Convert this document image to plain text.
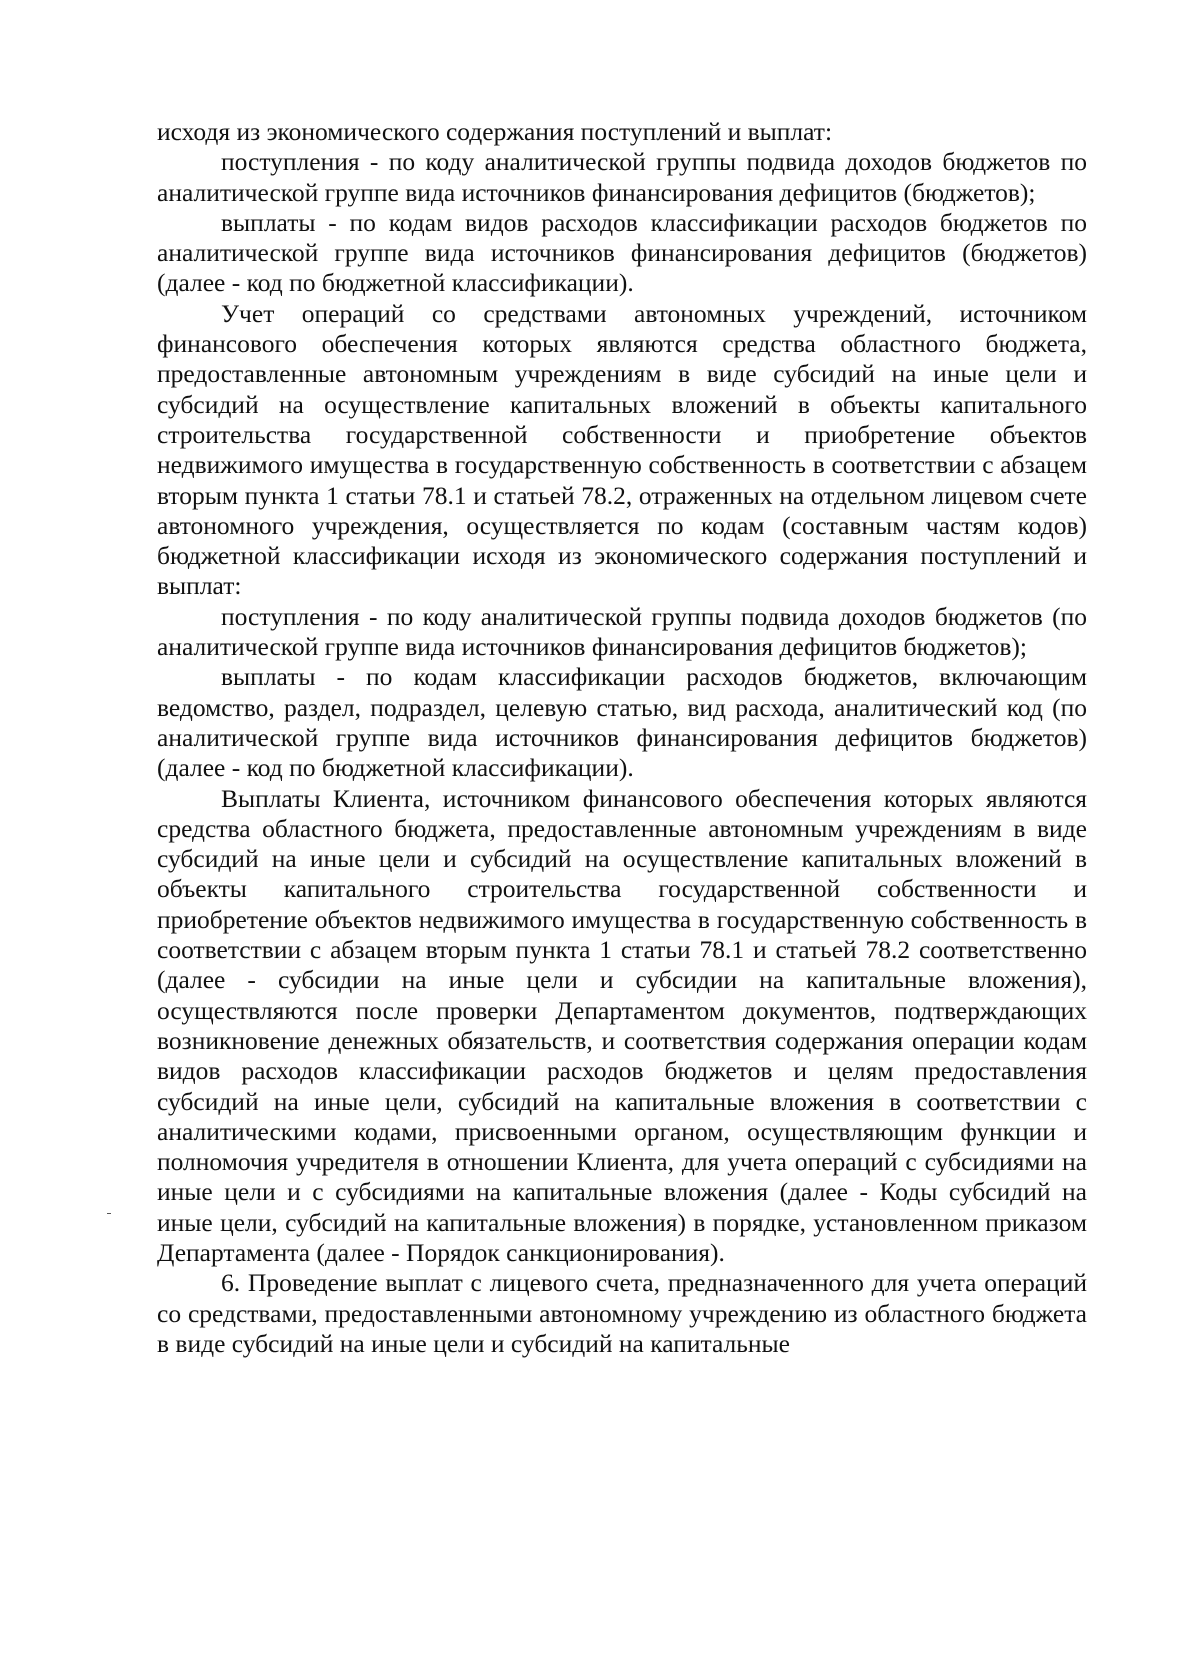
исходя из экономического содержания поступлений и выплат:

поступления - по коду аналитической группы подвида доходов бюджетов по аналитической группе вида источников финансирования дефицитов (бюджетов);

выплаты - по кодам видов расходов классификации расходов бюджетов по аналитической группе вида источников финансирования дефицитов (бюджетов) (далее - код по бюджетной классификации).

Учет операций со средствами автономных учреждений, источником финансового обеспечения которых являются средства областного бюджета, предоставленные автономным учреждениям в виде субсидий на иные цели и субсидий на осуществление капитальных вложений в объекты капитального строительства государственной собственности и приобретение объектов недвижимого имущества в государственную собственность в соответствии с абзацем вторым пункта 1 статьи 78.1 и статьей 78.2, отраженных на отдельном лицевом счете автономного учреждения, осуществляется по кодам (составным частям кодов) бюджетной классификации исходя из экономического содержания поступлений и выплат:

поступления - по коду аналитической группы подвида доходов бюджетов (по аналитической группе вида источников финансирования дефицитов бюджетов);

выплаты - по кодам классификации расходов бюджетов, включающим ведомство, раздел, подраздел, целевую статью, вид расхода, аналитический код (по аналитической группе вида источников финансирования дефицитов бюджетов) (далее - код по бюджетной классификации).

Выплаты Клиента, источником финансового обеспечения которых являются средства областного бюджета, предоставленные автономным учреждениям в виде субсидий на иные цели и субсидий на осуществление капитальных вложений в объекты капитального строительства государственной собственности и приобретение объектов недвижимого имущества в государственную собственность в соответствии с абзацем вторым пункта 1 статьи 78.1 и статьей 78.2 соответственно (далее - субсидии на иные цели и субсидии на капитальные вложения), осуществляются после проверки Департаментом документов, подтверждающих возникновение денежных обязательств, и соответствия содержания операции кодам видов расходов классификации расходов бюджетов и целям предоставления субсидий на иные цели, субсидий на капитальные вложения в соответствии с аналитическими кодами, присвоенными органом, осуществляющим функции и полномочия учредителя в отношении Клиента, для учета операций с субсидиями на иные цели и с субсидиями на капитальные вложения (далее - Коды субсидий на иные цели, субсидий на капитальные вложения) в порядке, установленном приказом Департамента (далее - Порядок санкционирования).

6. Проведение выплат с лицевого счета, предназначенного для учета операций со средствами, предоставленными автономному учреждению из областного бюджета в виде субсидий на иные цели и субсидий на капитальные
